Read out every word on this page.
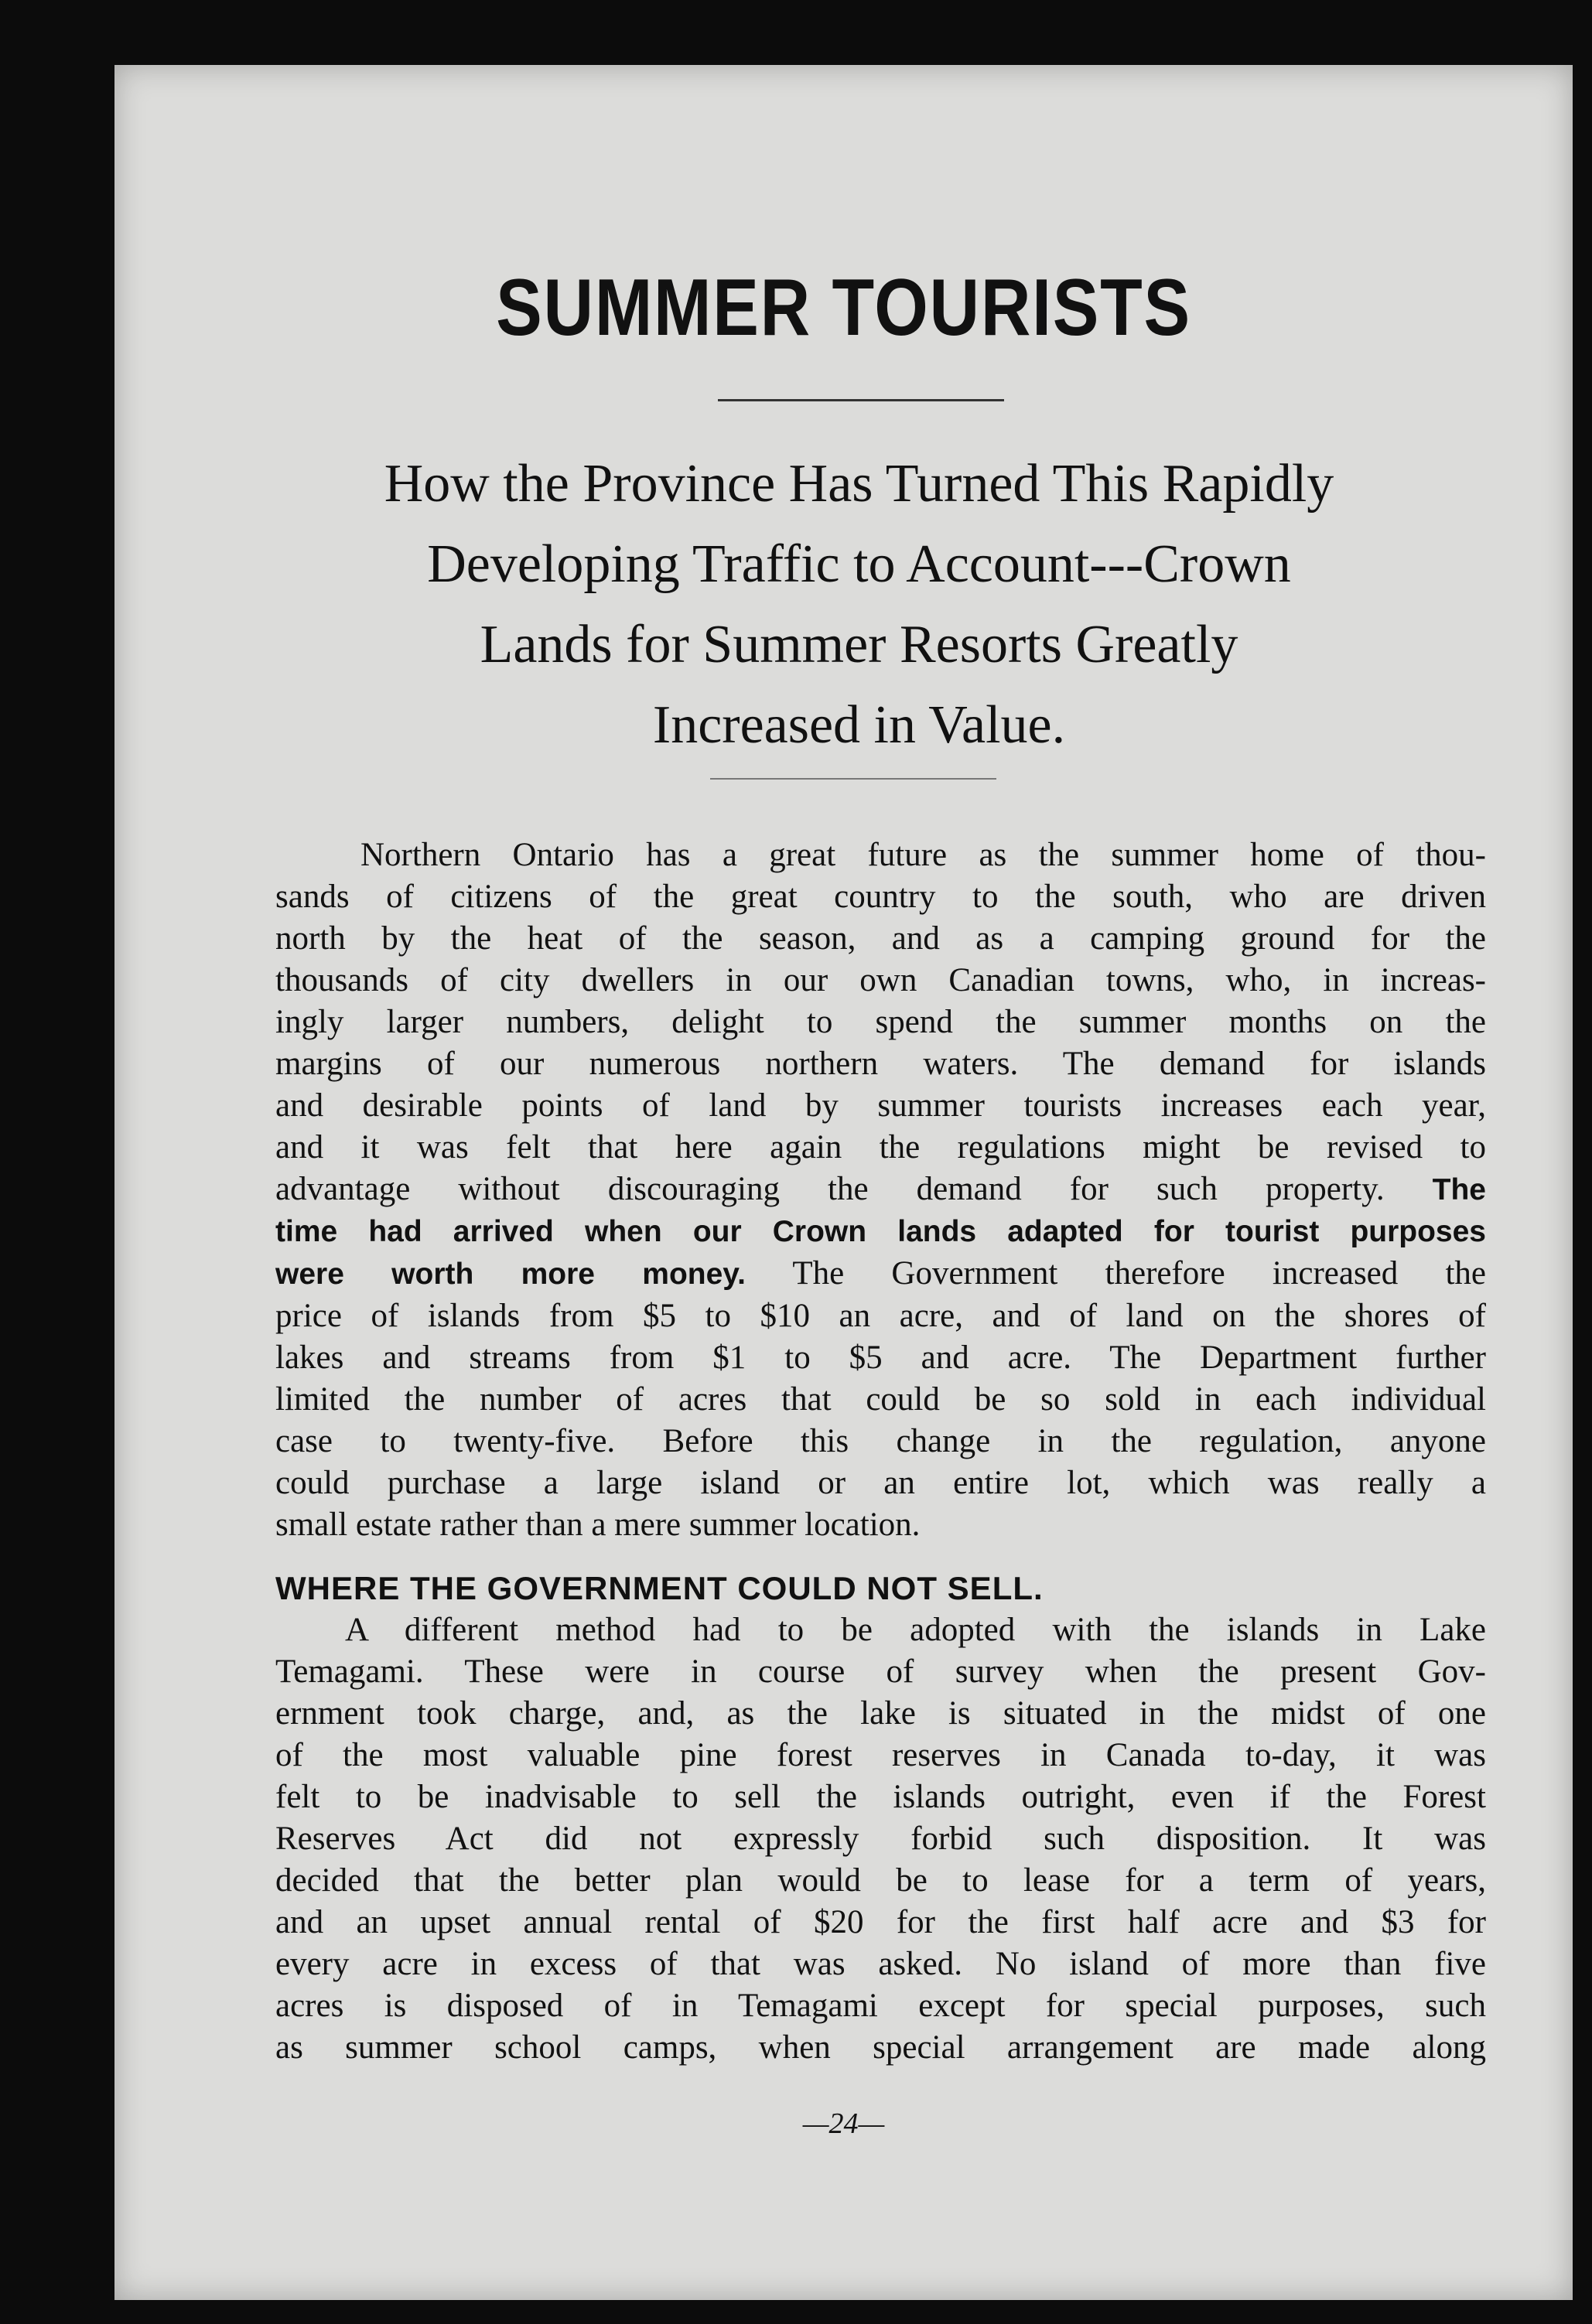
SUMMER TOURISTS
How the Province Has Turned This Rapidly
Developing Traffic to Account---Crown
Lands for Summer Resorts Greatly
Increased in Value.
Northern Ontario has a great future as the summer home of thou-
sands of citizens of the great country to the south, who are driven
north by the heat of the season, and as a camping ground for the
thousands of city dwellers in our own Canadian towns, who, in increas-
ingly larger numbers, delight to spend the summer months on the
margins of our numerous northern waters. The demand for islands
and desirable points of land by summer tourists increases each year,
and it was felt that here again the regulations might be revised to
advantage without discouraging the demand for such property. The
time had arrived when our Crown lands adapted for tourist purposes
were worth more money. The Government therefore increased the
price of islands from $5 to $10 an acre, and of land on the shores of
lakes and streams from $1 to $5 and acre. The Department further
limited the number of acres that could be so sold in each individual
case to twenty-five. Before this change in the regulation, anyone
could purchase a large island or an entire lot, which was really a
small estate rather than a mere summer location.
WHERE THE GOVERNMENT COULD NOT SELL.
A different method had to be adopted with the islands in Lake
Temagami. These were in course of survey when the present Gov-
ernment took charge, and, as the lake is situated in the midst of one
of the most valuable pine forest reserves in Canada to-day, it was
felt to be inadvisable to sell the islands outright, even if the Forest
Reserves Act did not expressly forbid such disposition. It was
decided that the better plan would be to lease for a term of years,
and an upset annual rental of $20 for the first half acre and $3 for
every acre in excess of that was asked. No island of more than five
acres is disposed of in Temagami except for special purposes, such
as summer school camps, when special arrangement are made along
—24—
